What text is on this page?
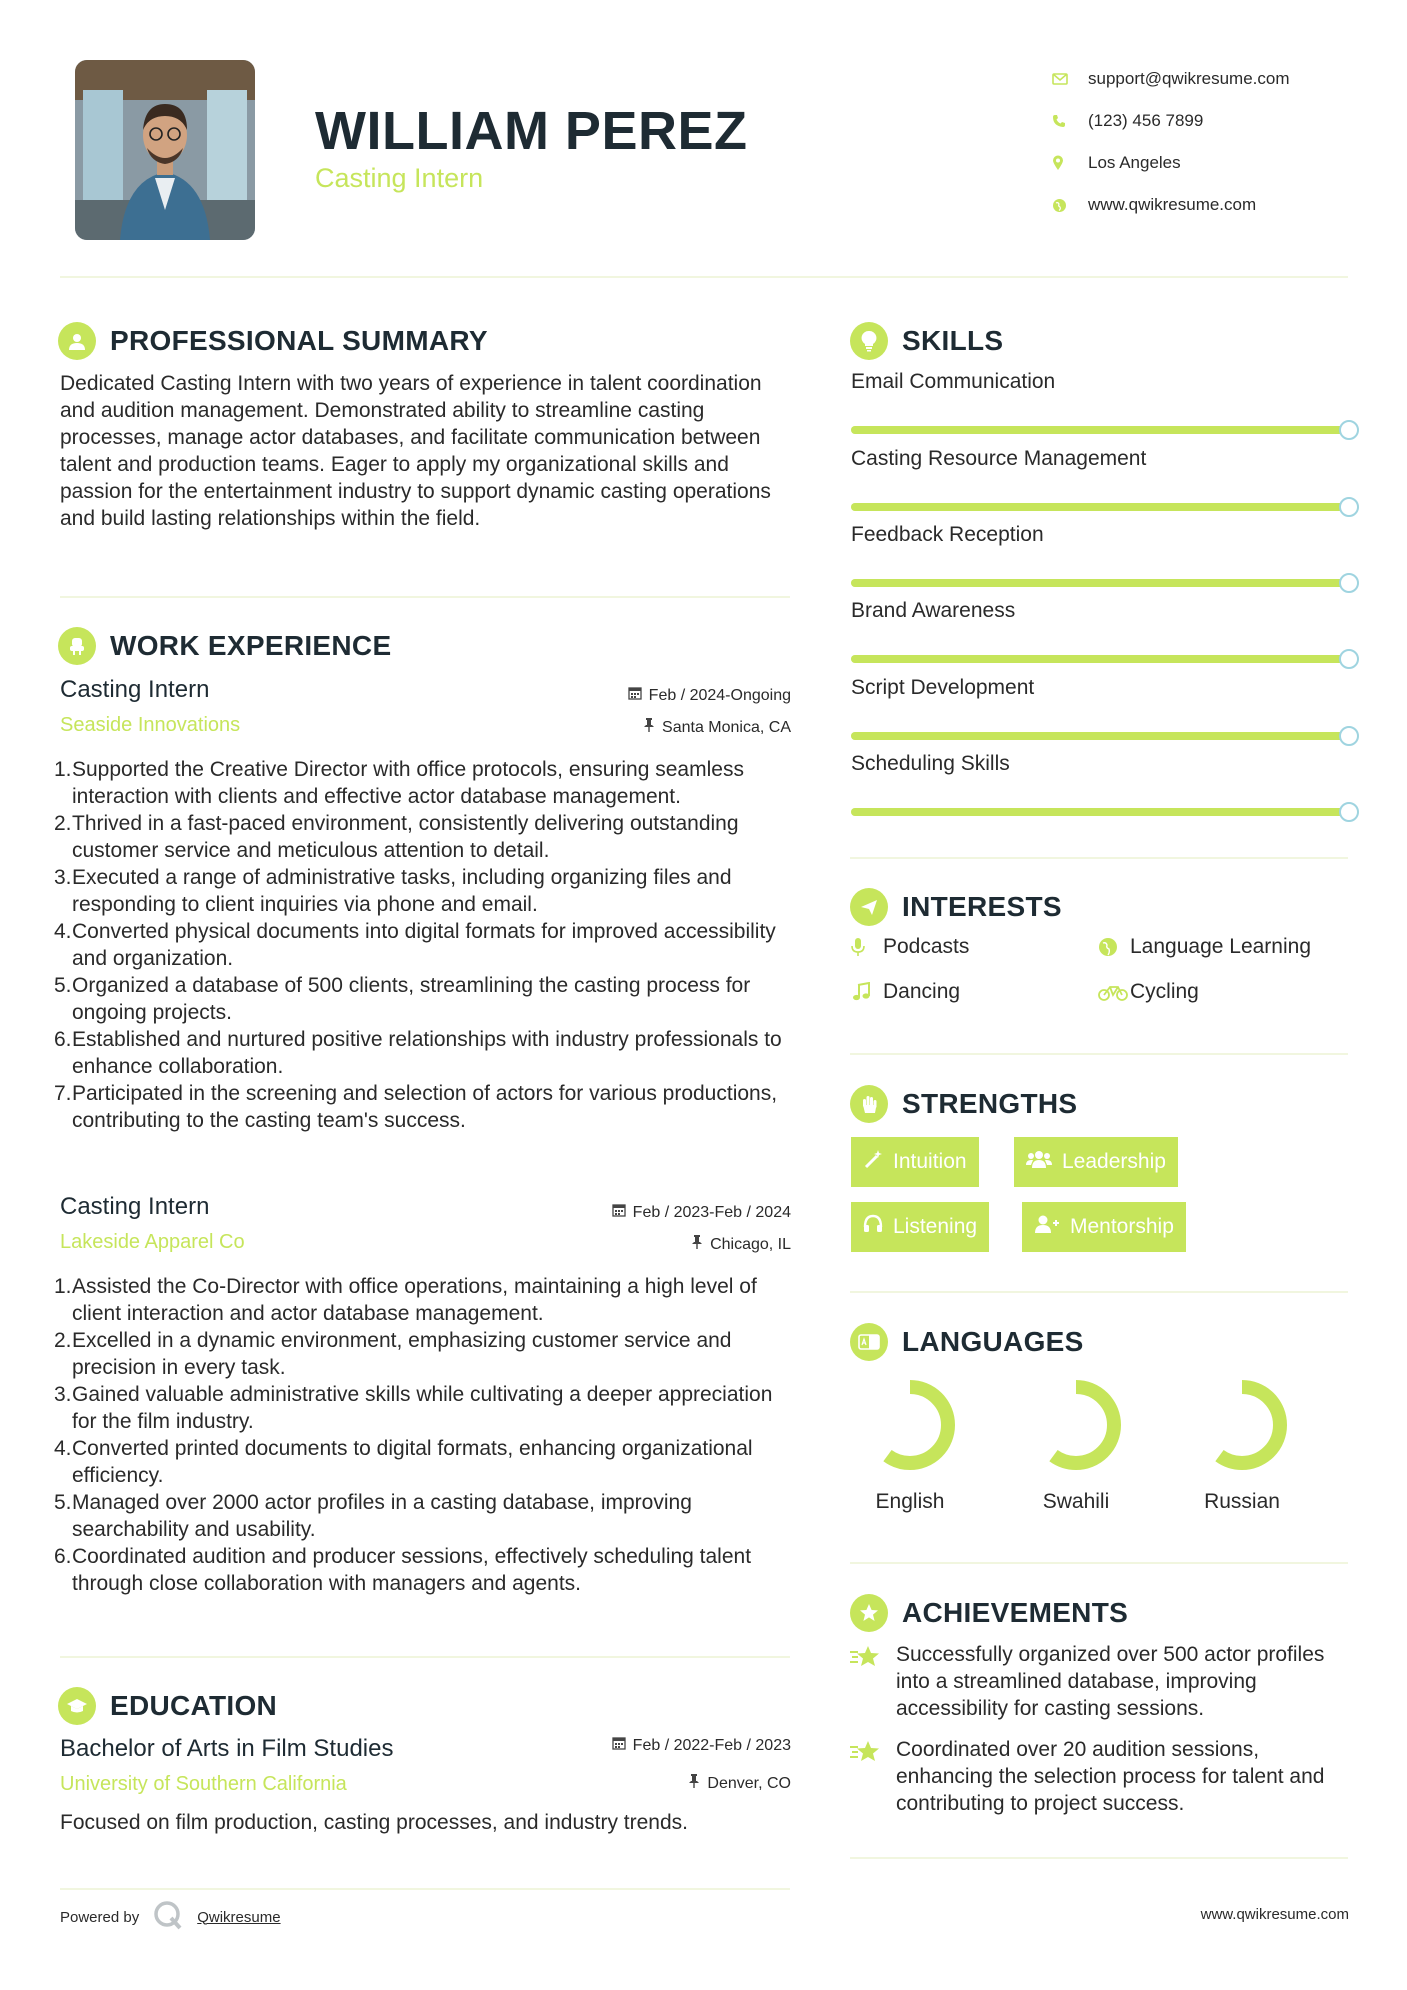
WILLIAM PEREZ
Casting Intern
support@qwikresume.com
(123) 456 7899
Los Angeles
www.qwikresume.com
PROFESSIONAL SUMMARY
Dedicated Casting Intern with two years of experience in talent coordination and audition management. Demonstrated ability to streamline casting processes, manage actor databases, and facilitate communication between talent and production teams. Eager to apply my organizational skills and passion for the entertainment industry to support dynamic casting operations and build lasting relationships within the field.
WORK EXPERIENCE
Casting Intern	Feb / 2024-Ongoing
Seaside Innovations	Santa Monica, CA
1. Supported the Creative Director with office protocols, ensuring seamless interaction with clients and effective actor database management.
2. Thrived in a fast-paced environment, consistently delivering outstanding customer service and meticulous attention to detail.
3. Executed a range of administrative tasks, including organizing files and responding to client inquiries via phone and email.
4. Converted physical documents into digital formats for improved accessibility and organization.
5. Organized a database of 500 clients, streamlining the casting process for ongoing projects.
6. Established and nurtured positive relationships with industry professionals to enhance collaboration.
7. Participated in the screening and selection of actors for various productions, contributing to the casting team's success.
Casting Intern	Feb / 2023-Feb / 2024
Lakeside Apparel Co	Chicago, IL
1. Assisted the Co-Director with office operations, maintaining a high level of client interaction and actor database management.
2. Excelled in a dynamic environment, emphasizing customer service and precision in every task.
3. Gained valuable administrative skills while cultivating a deeper appreciation for the film industry.
4. Converted printed documents to digital formats, enhancing organizational efficiency.
5. Managed over 2000 actor profiles in a casting database, improving searchability and usability.
6. Coordinated audition and producer sessions, effectively scheduling talent through close collaboration with managers and agents.
EDUCATION
Bachelor of Arts in Film Studies	Feb / 2022-Feb / 2023
University of Southern California	Denver, CO
Focused on film production, casting processes, and industry trends.
SKILLS
Email Communication
Casting Resource Management
Feedback Reception
Brand Awareness
Script Development
Scheduling Skills
INTERESTS
Podcasts	Language Learning
Dancing	Cycling
STRENGTHS
Intuition	Leadership
Listening	Mentorship
LANGUAGES
English	Swahili	Russian
ACHIEVEMENTS
Successfully organized over 500 actor profiles into a streamlined database, improving accessibility for casting sessions.
Coordinated over 20 audition sessions, enhancing the selection process for talent and contributing to project success.
Powered by	Qwikresume	www.qwikresume.com
